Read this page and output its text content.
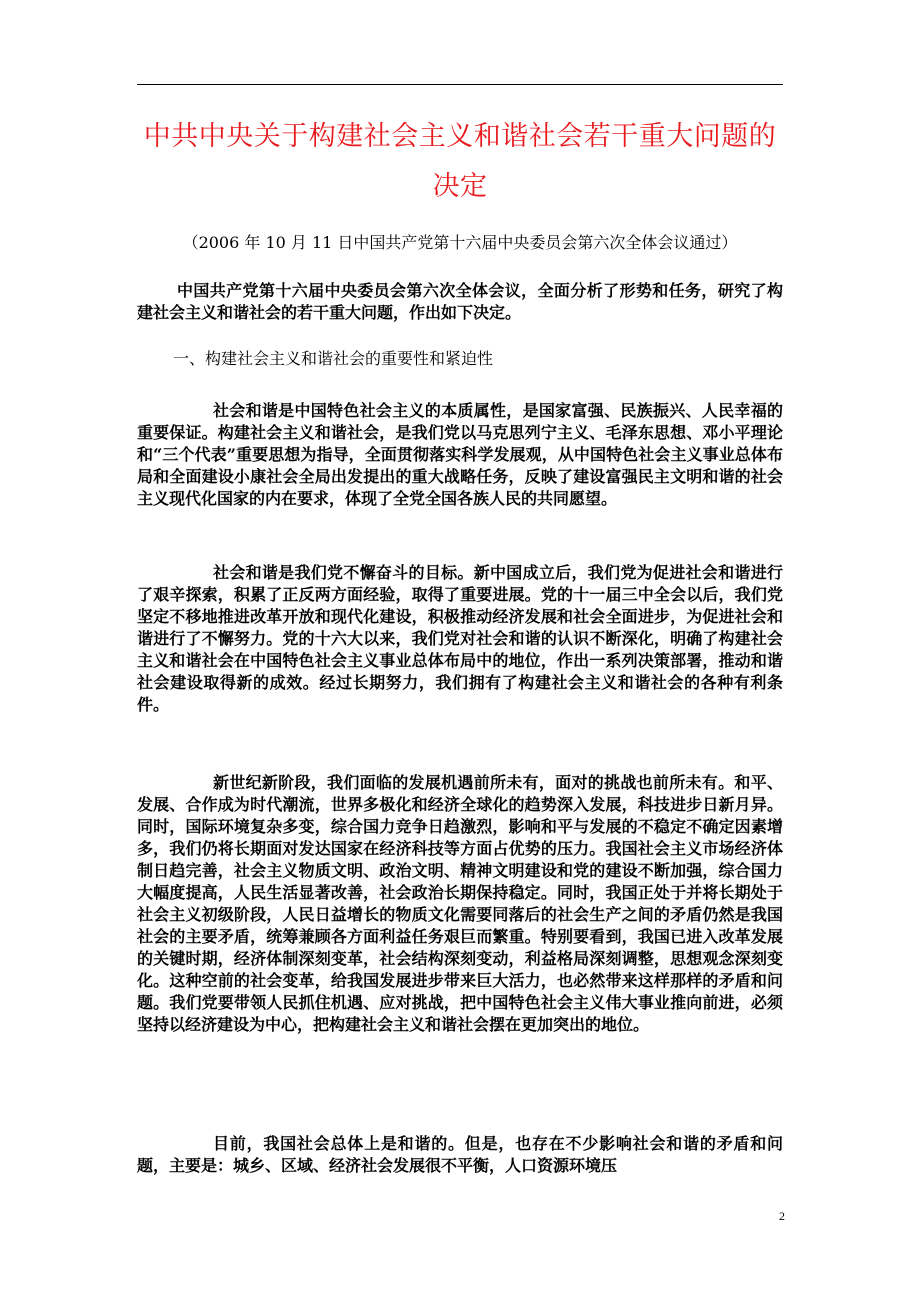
中共中央关于构建社会主义和谐社会若干重大问题的决定

（2006 年 10 月 11 日中国共产党第十六届中央委员会第六次全体会议通过）

中国共产党第十六届中央委员会第六次全体会议，全面分析了形势和任务，研究了构建社会主义和谐社会的若干重大问题，作出如下决定。

一、构建社会主义和谐社会的重要性和紧迫性

社会和谐是中国特色社会主义的本质属性，是国家富强、民族振兴、人民幸福的重要保证。构建社会主义和谐社会，是我们党以马克思列宁主义、毛泽东思想、邓小平理论和“三个代表”重要思想为指导，全面贯彻落实科学发展观，从中国特色社会主义事业总体布局和全面建设小康社会全局出发提出的重大战略任务，反映了建设富强民主文明和谐的社会主义现代化国家的内在要求，体现了全党全国各族人民的共同愿望。

社会和谐是我们党不懈奋斗的目标。新中国成立后，我们党为促进社会和谐进行了艰辛探索，积累了正反两方面经验，取得了重要进展。党的十一届三中全会以后，我们党坚定不移地推进改革开放和现代化建设，积极推动经济发展和社会全面进步，为促进社会和谐进行了不懈努力。党的十六大以来，我们党对社会和谐的认识不断深化，明确了构建社会主义和谐社会在中国特色社会主义事业总体布局中的地位，作出一系列决策部署，推动和谐社会建设取得新的成效。经过长期努力，我们拥有了构建社会主义和谐社会的各种有利条件。

新世纪新阶段，我们面临的发展机遇前所未有，面对的挑战也前所未有。和平、发展、合作成为时代潮流，世界多极化和经济全球化的趋势深入发展，科技进步日新月异。同时，国际环境复杂多变，综合国力竞争日趋激烈，影响和平与发展的不稳定不确定因素增多，我们仍将长期面对发达国家在经济科技等方面占优势的压力。我国社会主义市场经济体制日趋完善，社会主义物质文明、政治文明、精神文明建设和党的建设不断加强，综合国力大幅度提高，人民生活显著改善，社会政治长期保持稳定。同时，我国正处于并将长期处于社会主义初级阶段，人民日益增长的物质文化需要同落后的社会生产之间的矛盾仍然是我国社会的主要矛盾，统筹兼顾各方面利益任务艰巨而繁重。特别要看到，我国已进入改革发展的关键时期，经济体制深刻变革，社会结构深刻变动，利益格局深刻调整，思想观念深刻变化。这种空前的社会变革，给我国发展进步带来巨大活力，也必然带来这样那样的矛盾和问题。我们党要带领人民抓住机遇、应对挑战，把中国特色社会主义伟大事业推向前进，必须坚持以经济建设为中心，把构建社会主义和谐社会摆在更加突出的地位。

目前，我国社会总体上是和谐的。但是，也存在不少影响社会和谐的矛盾和问题，主要是：城乡、区域、经济社会发展很不平衡，人口资源环境压

2
